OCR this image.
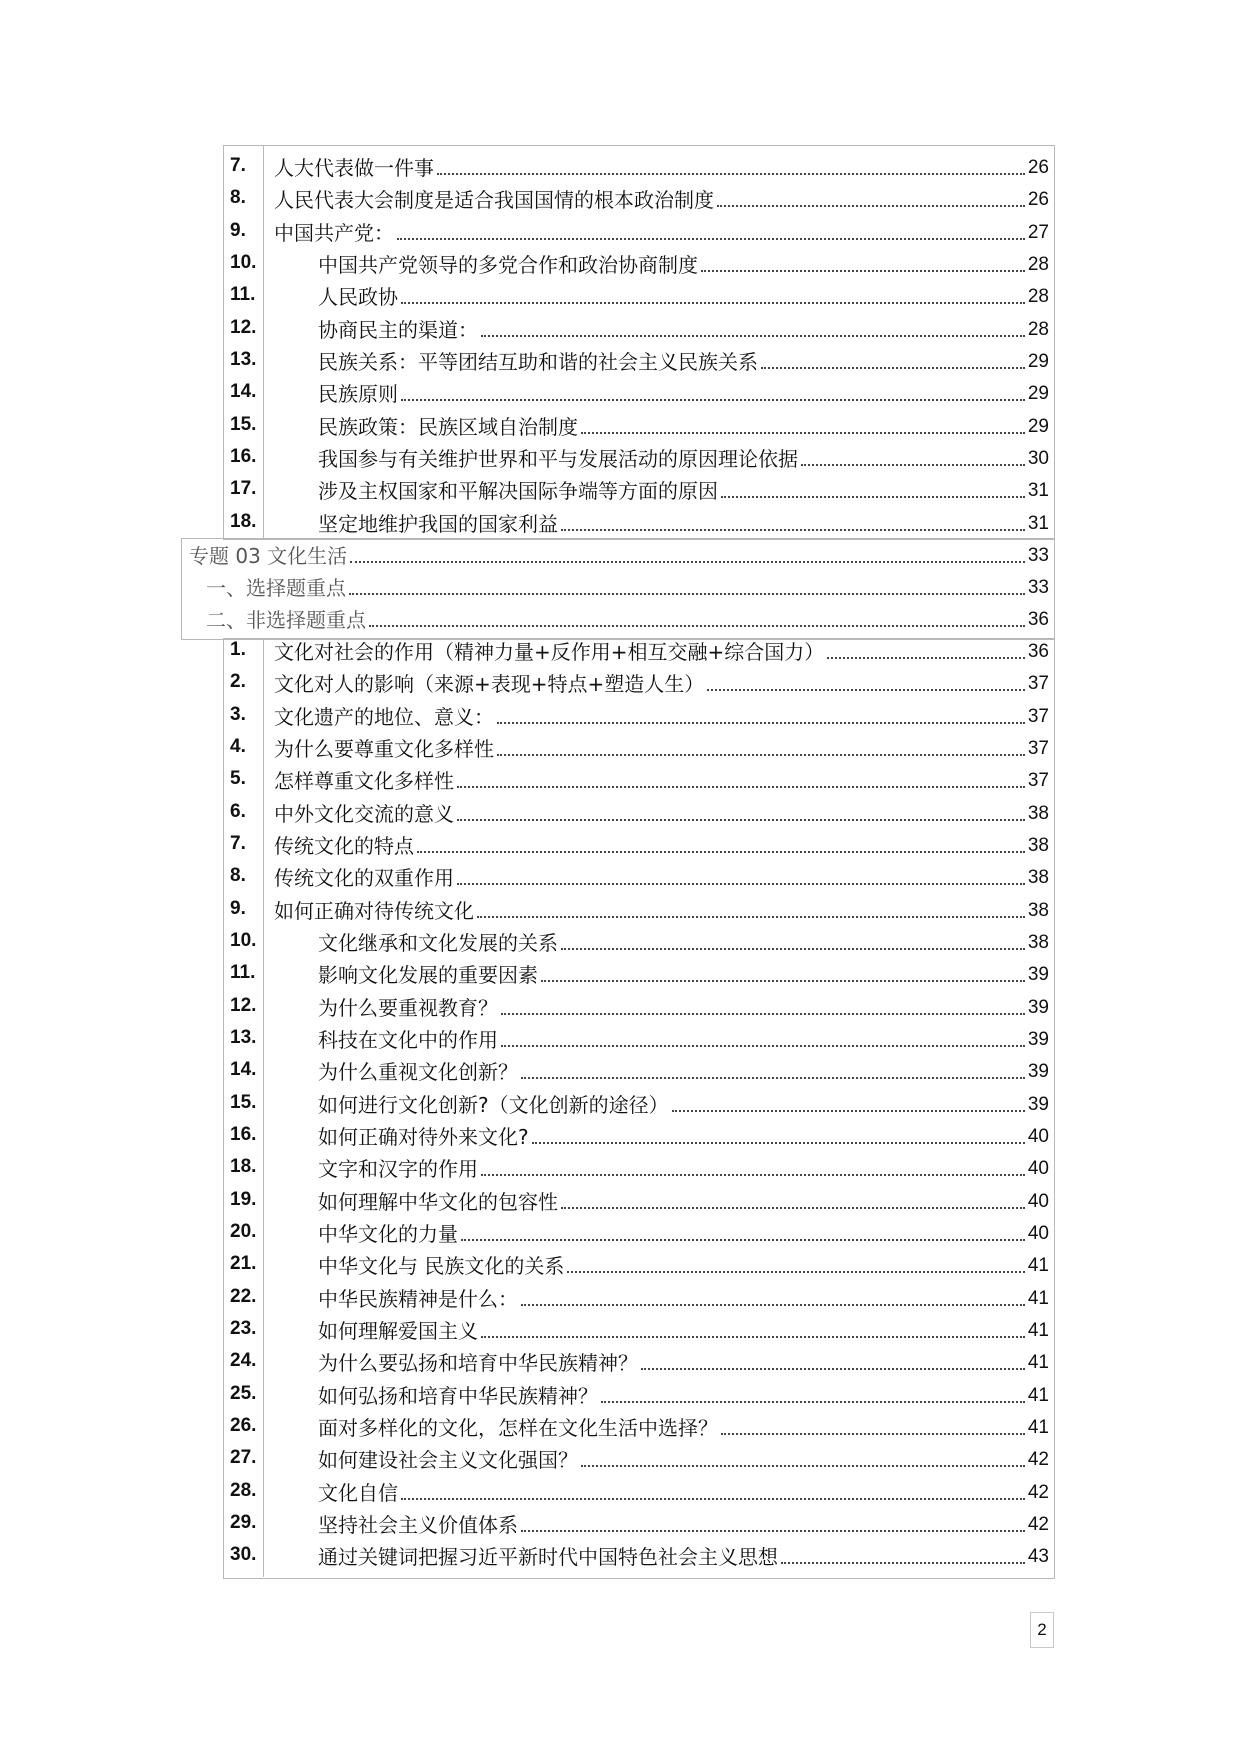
7. 人大代表做一件事	26
8. 人民代表大会制度是适合我国国情的根本政治制度	26
9. 中国共产党：	27
10.	中国共产党领导的多党合作和政治协商制度	28
11.	人民政协	28
12.	协商民主的渠道：	28
13.	民族关系：平等团结互助和谐的社会主义民族关系	29
14.	民族原则	29
15.	民族政策：民族区域自治制度	29
16.	我国参与有关维护世界和平与发展活动的原因理论依据	30
17.	涉及主权国家和平解决国际争端等方面的原因	31
18.	坚定地维护我国的国家利益	31
专题 03 文化生活	33
一、选择题重点	33
二、非选择题重点	36
1. 文化对社会的作用（精神力量+反作用+相互交融+综合国力）	36
2. 文化对人的影响（来源+表现+特点+塑造人生）	37
3. 文化遗产的地位、意义：	37
4. 为什么要尊重文化多样性	37
5. 怎样尊重文化多样性	37
6. 中外文化交流的意义	38
7. 传统文化的特点	38
8. 传统文化的双重作用	38
9. 如何正确对待传统文化	38
10.	文化继承和文化发展的关系	38
11.	影响文化发展的重要因素	39
12.	为什么要重视教育？	39
13.	科技在文化中的作用	39
14.	为什么重视文化创新？	39
15.	如何进行文化创新?（文化创新的途径）	39
16.	如何正确对待外来文化?	40
18.	文字和汉字的作用	40
19.	如何理解中华文化的包容性	40
20.	中华文化的力量	40
21.	中华文化与 民族文化的关系	41
22.	中华民族精神是什么：	41
23.	如何理解爱国主义	41
24.	为什么要弘扬和培育中华民族精神？	41
25.	如何弘扬和培育中华民族精神？	41
26.	面对多样化的文化，怎样在文化生活中选择？	41
27.	如何建设社会主义文化强国？	42
28.	文化自信	42
29.	坚持社会主义价值体系	42
30.	通过关键词把握习近平新时代中国特色社会主义思想	43
2
